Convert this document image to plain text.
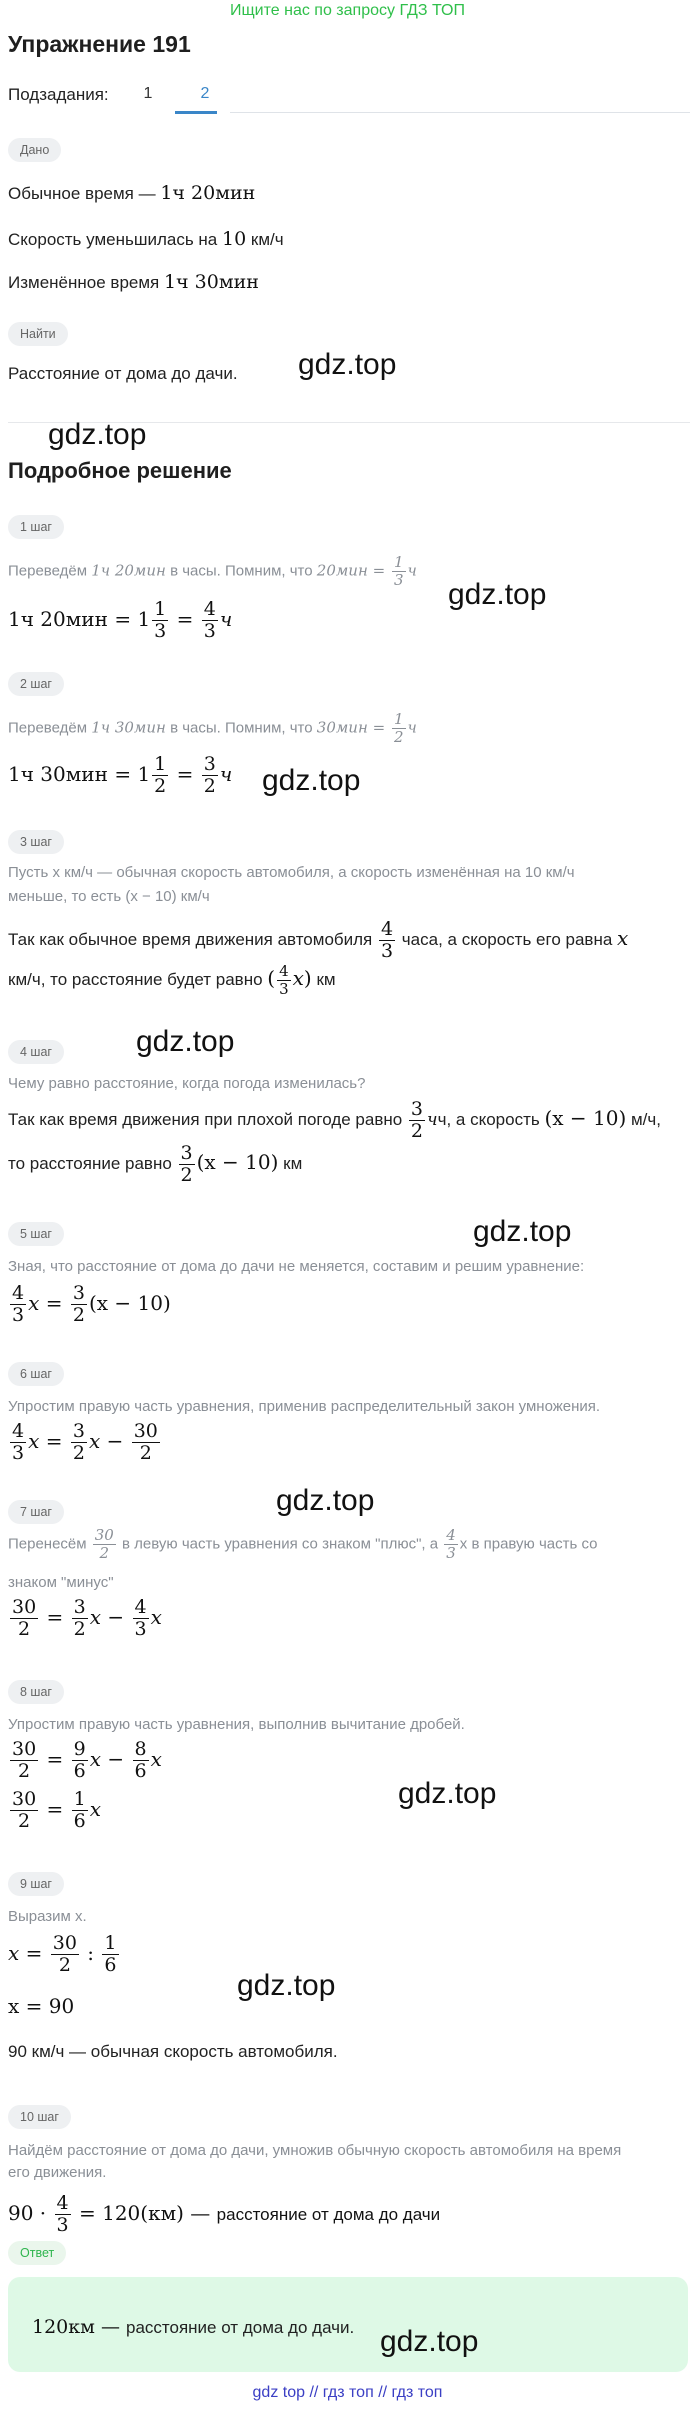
Ищите нас по запросу ГДЗ ТОП
Упражнение 191
Подзадания:	1	2
Дано
Обычное время — 1ч 20мин
Скорость уменьшилась на 10 км/ч
Изменённое время 1ч 30мин
Найти
Расстояние от дома до дачи.
Подробное решение
1 шаг
Переведём 1ч 20мин в часы. Помним, что $20мин = \frac{1}{3}$ ч
1ч $20мин = 1 \frac{1}{3} = \frac{4}{3}$ ч
2 шаг
Переведём 1ч 30мин в часы. Помним, что $30мин = \frac{1}{2}$ ч
1ч $30мин = 1 \frac{1}{2} = \frac{3}{2}$ ч
3 шаг
Пусть x км/ч — обычная скорость автомобиля, а скорость изменённая на 10 км/ч
меньше, то есть (x − 10) км/ч
Так как обычное время движения автомобиля $\frac{4}{3}$ часа, а скорость его равна x
км/ч, то расстояние будет равно ( $\frac{4}{3} x$) км
4 шаг
Чему равно расстояние, когда погода изменилась?
Так как время движения при плохой погоде равно $\frac{3}{2}$ чч, а скорость (x − 10) м/ч,
то расстояние равно $\frac{3}{2} (x - 10)$ км
5 шаг
Зная, что расстояние от дома до дачи не меняется, составим и решим уравнение:
$\frac{4}{3}$ $x = \frac{3}{2} (x - 10)$
6 шаг
Упростим правую часть уравнения, применив распределительный закон умножения.
$\frac{4}{3}$ $x = \frac{3}{2}$ $x - \frac{30}{2}$
7 шаг
Перенесём $\frac{30}{2}$ в левую часть уравнения со знаком "плюс", а $\frac{4}{3}$ x в правую часть со
знаком "минус"
$\frac{30}{2} = \frac{3}{2}$ $x - \frac{4}{3}$ x
8 шаг
Упростим правую часть уравнения, выполнив вычитание дробей.
$\frac{30}{2} = \frac{9}{6}$ $x - \frac{8}{6}$ x
$\frac{30}{2} = \frac{1}{6}$ x
9 шаг
Выразим x.
$x = \frac{30}{2}$ : $\frac{1}{6}$
x = 90
90 км/ч — обычная скорость автомобиля.
10 шаг
Найдём расстояние от дома до дачи, умножив обычную скорость автомобиля на время
его движения.
$90 \cdot \frac{4}{3} = 120(км)$ — расстояние от дома до дачи
Ответ
120км — расстояние от дома до дачи.
gdz.top
gdz.top
gdz.top
gdz.top
gdz.top
gdz.top
gdz.top
gdz.top
gdz.top
gdz.top
gdz top // гдз топ // гдз топ
